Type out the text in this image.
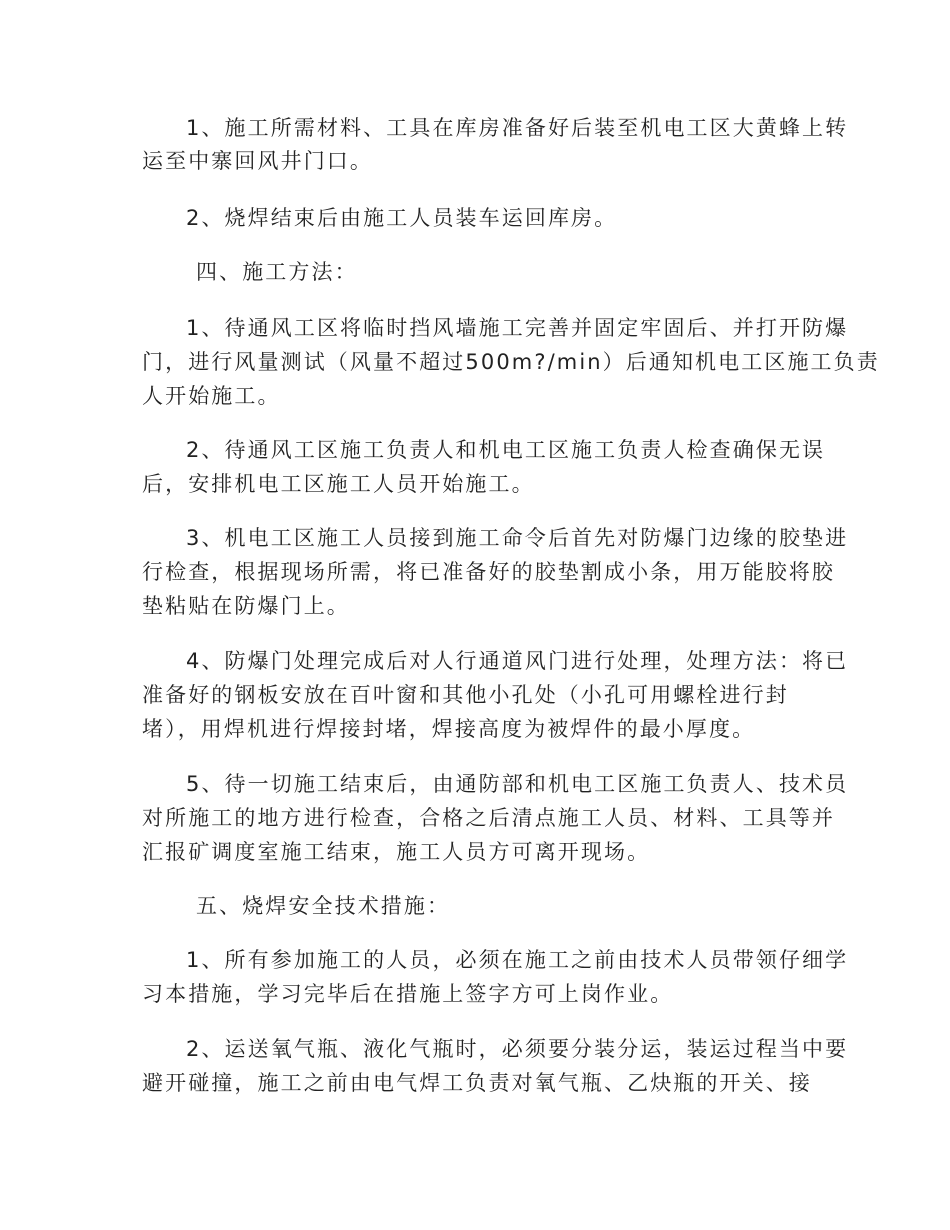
1、施工所需材料、工具在库房准备好后装至机电工区大黄蜂上转
运至中寨回风井门口。
2、烧焊结束后由施工人员装车运回库房。
四、施工方法：
1、待通风工区将临时挡风墙施工完善并固定牢固后、并打开防爆
门，进行风量测试（风量不超过500m?/min）后通知机电工区施工负责
人开始施工。
2、待通风工区施工负责人和机电工区施工负责人检查确保无误
后，安排机电工区施工人员开始施工。
3、机电工区施工人员接到施工命令后首先对防爆门边缘的胶垫进
行检查，根据现场所需，将已准备好的胶垫割成小条，用万能胶将胶
垫粘贴在防爆门上。
4、防爆门处理完成后对人行通道风门进行处理，处理方法：将已
准备好的钢板安放在百叶窗和其他小孔处（小孔可用螺栓进行封
堵），用焊机进行焊接封堵，焊接高度为被焊件的最小厚度。
5、待一切施工结束后，由通防部和机电工区施工负责人、技术员
对所施工的地方进行检查，合格之后清点施工人员、材料、工具等并
汇报矿调度室施工结束，施工人员方可离开现场。
五、烧焊安全技术措施：
1、所有参加施工的人员，必须在施工之前由技术人员带领仔细学
习本措施，学习完毕后在措施上签字方可上岗作业。
2、运送氧气瓶、液化气瓶时，必须要分装分运，装运过程当中要
避开碰撞，施工之前由电气焊工负责对氧气瓶、乙炔瓶的开关、接
